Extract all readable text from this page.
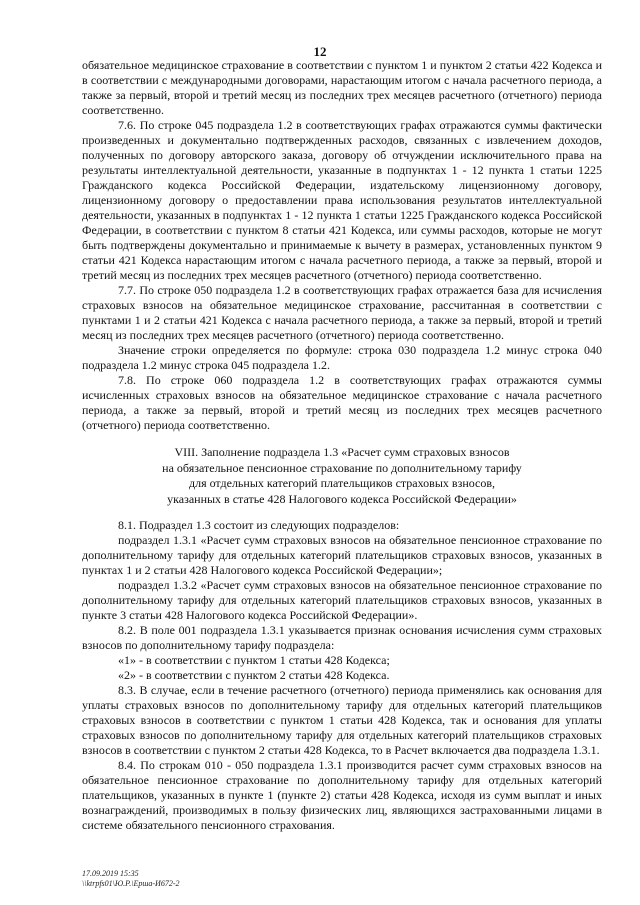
12

обязательное медицинское страхование в соответствии с пунктом 1 и пунктом 2 статьи 422 Кодекса и в соответствии с международными договорами, нарастающим итогом с начала расчетного периода, а также за первый, второй и третий месяц из последних трех месяцев расчетного (отчетного) периода соответственно.

7.6. По строке 045 подраздела 1.2 в соответствующих графах отражаются суммы фактически произведенных и документально подтвержденных расходов, связанных с извлечением доходов, полученных по договору авторского заказа, договору об отчуждении исключительного права на результаты интеллектуальной деятельности, указанные в подпунктах 1 - 12 пункта 1 статьи 1225 Гражданского кодекса Российской Федерации, издательскому лицензионному договору, лицензионному договору о предоставлении права использования результатов интеллектуальной деятельности, указанных в подпунктах 1 - 12 пункта 1 статьи 1225 Гражданского кодекса Российской Федерации, в соответствии с пунктом 8 статьи 421 Кодекса, или суммы расходов, которые не могут быть подтверждены документально и принимаемые к вычету в размерах, установленных пунктом 9 статьи 421 Кодекса нарастающим итогом с начала расчетного периода, а также за первый, второй и третий месяц из последних трех месяцев расчетного (отчетного) периода соответственно.

7.7. По строке 050 подраздела 1.2 в соответствующих графах отражается база для исчисления страховых взносов на обязательное медицинское страхование, рассчитанная в соответствии с пунктами 1 и 2 статьи 421 Кодекса с начала расчетного периода, а также за первый, второй и третий месяц из последних трех месяцев расчетного (отчетного) периода соответственно.

Значение строки определяется по формуле: строка 030 подраздела 1.2 минус строка 040 подраздела 1.2 минус строка 045 подраздела 1.2.

7.8. По строке 060 подраздела 1.2 в соответствующих графах отражаются суммы исчисленных страховых взносов на обязательное медицинское страхование с начала расчетного периода, а также за первый, второй и третий месяц из последних трех месяцев расчетного (отчетного) периода соответственно.

VIII. Заполнение подраздела 1.3 «Расчет сумм страховых взносов
на обязательное пенсионное страхование по дополнительному тарифу
для отдельных категорий плательщиков страховых взносов,
указанных в статье 428 Налогового кодекса Российской Федерации»

8.1. Подраздел 1.3 состоит из следующих подразделов:

подраздел 1.3.1 «Расчет сумм страховых взносов на обязательное пенсионное страхование по дополнительному тарифу для отдельных категорий плательщиков страховых взносов, указанных в пунктах 1 и 2 статьи 428 Налогового кодекса Российской Федерации»;

подраздел 1.3.2 «Расчет сумм страховых взносов на обязательное пенсионное страхование по дополнительному тарифу для отдельных категорий плательщиков страховых взносов, указанных в пункте 3 статьи 428 Налогового кодекса Российской Федерации».

8.2. В поле 001 подраздела 1.3.1 указывается признак основания исчисления сумм страховых взносов по дополнительному тарифу подраздела:

«1» - в соответствии с пунктом 1 статьи 428 Кодекса;

«2» - в соответствии с пунктом 2 статьи 428 Кодекса.

8.3. В случае, если в течение расчетного (отчетного) периода применялись как основания для уплаты страховых взносов по дополнительному тарифу для отдельных категорий плательщиков страховых взносов в соответствии с пунктом 1 статьи 428 Кодекса, так и основания для уплаты страховых взносов по дополнительному тарифу для отдельных категорий плательщиков страховых взносов в соответствии с пунктом 2 статьи 428 Кодекса, то в Расчет включается два подраздела 1.3.1.

8.4. По строкам 010 - 050 подраздела 1.3.1 производится расчет сумм страховых взносов на обязательное пенсионное страхование по дополнительному тарифу для отдельных категорий плательщиков, указанных в пункте 1 (пункте 2) статьи 428 Кодекса, исходя из сумм выплат и иных вознаграждений, производимых в пользу физических лиц, являющихся застрахованными лицами в системе обязательного пенсионного страхования.

17.09.2019 15:35
\\ktrpfs01\Ю.Р.\Ерша-И672-2
